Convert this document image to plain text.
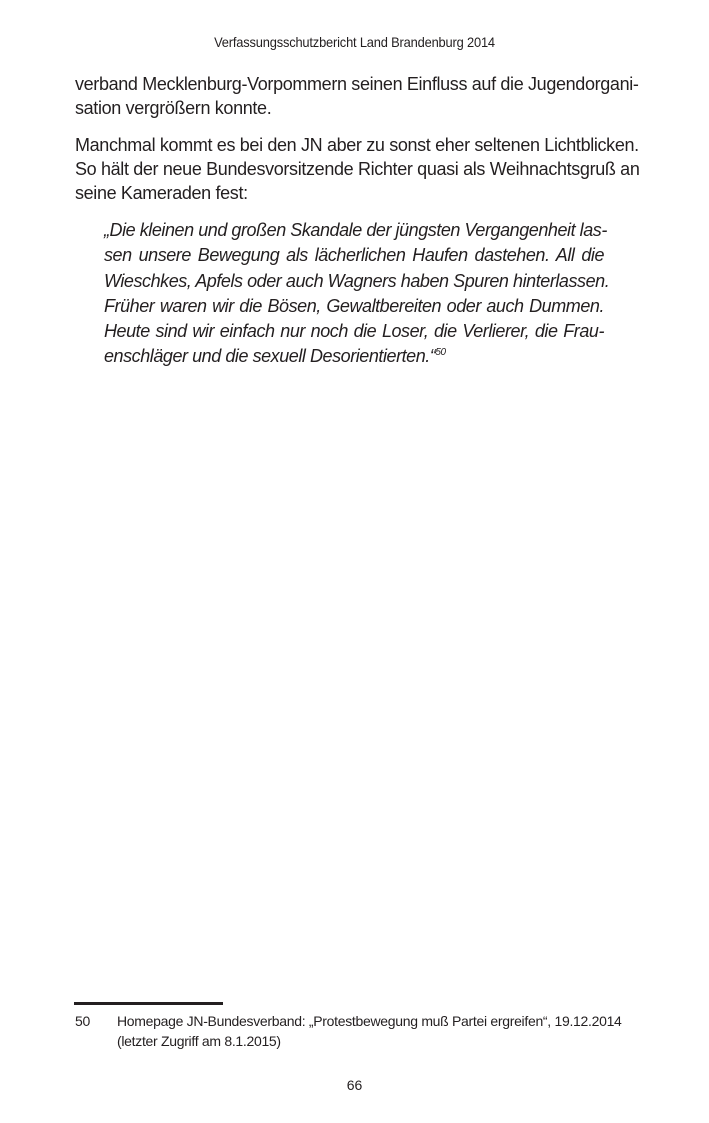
Verfassungsschutzbericht Land Brandenburg 2014
verband Mecklenburg-Vorpommern seinen Einfluss auf die Jugendorgani-
sation vergrößern konnte.
Manchmal kommt es bei den JN aber zu sonst eher seltenen Lichtblicken.
So hält der neue Bundesvorsitzende Richter quasi als Weihnachtsgruß an
seine Kameraden fest:
„Die kleinen und großen Skandale der jüngsten Vergangenheit las-
sen unsere Bewegung als lächerlichen Haufen dastehen. All die
Wieschkes, Apfels oder auch Wagners haben Spuren hinterlassen.
Früher waren wir die Bösen, Gewaltbereiten oder auch Dummen.
Heute sind wir einfach nur noch die Loser, die Verlierer, die Frau-
enschläger und die sexuell Desorientierten.“$^{50}$
50 Homepage JN-Bundesverband: „Protestbewegung muß Partei ergreifen“, 19.12.2014
(letzter Zugriff am 8.1.2015)
66
